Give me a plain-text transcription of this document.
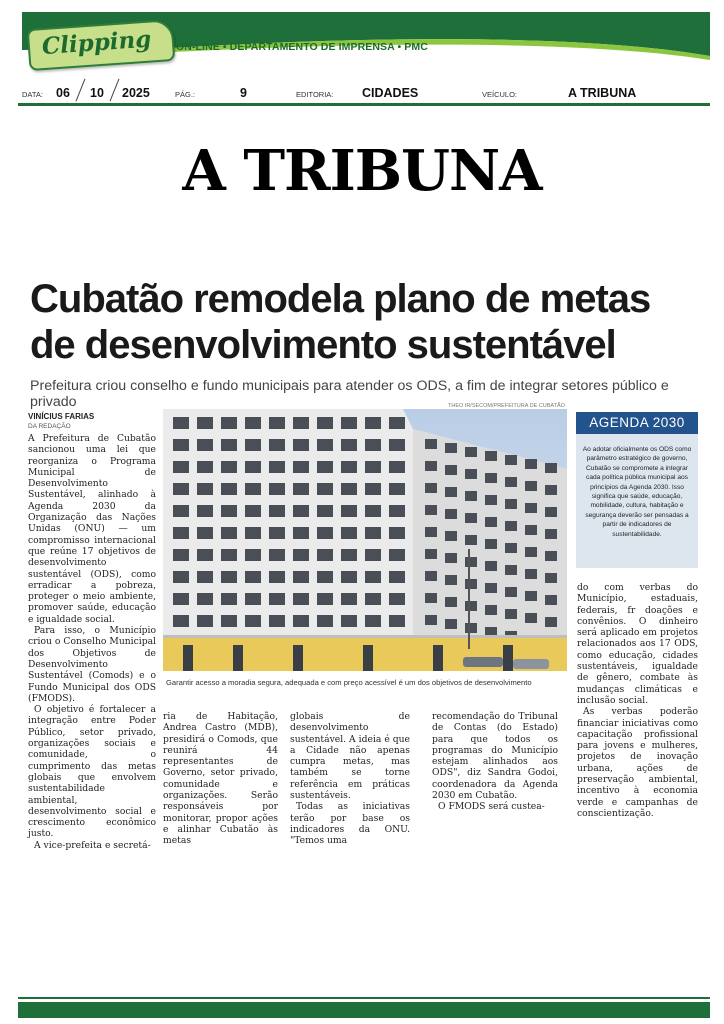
Clipping	ON-LINE • DEPARTAMENTO DE IMPRENSA • PMC
DATA: 06 10 2025	PÁG.:	9	EDITORIA: CIDADES	VEÍCULO:	A TRIBUNA
A TRIBUNA
Cubatão remodela plano de metas
de desenvolvimento sustentável
Prefeitura criou conselho e fundo municipais para atender os ODS, a fim de integrar setores público e privado
VINÍCIUS FARIAS
DA REDAÇÃO
THEO IR/SECOM/PREFEITURA DE CUBATÃO

A Prefeitura de Cubatão sancionou uma lei que reorganiza o Programa Municipal de Desenvolvimento Sustentável, alinhado à Agenda 2030 da Organização das Nações Unidas (ONU) — um compromisso internacional que reúne 17 objetivos de desenvolvimento sustentável (ODS), como erradicar a pobreza, proteger o meio ambiente, promover saúde, educação e igualdade social.

Para isso, o Município criou o Conselho Municipal dos Objetivos de Desenvolvimento Sustentável (Comods) e o Fundo Municipal dos ODS (FMODS).

O objetivo é fortalecer a integração entre Poder Público, setor privado, organizações sociais e comunidade, o cumprimento das metas globais que envolvem sustentabilidade ambiental, desenvolvimento social e crescimento econômico justo.

A vice-prefeita e secretá-

Garantir acesso a moradia segura, adequada e com preço acessível é um dos objetivos de desenvolvimento
AGENDA 2030
Ao adotar oficialmente os ODS como parâmetro estratégico de governo, Cubatão se compromete a integrar cada política pública municipal aos princípios da Agenda 2030. Isso significa que saúde, educação, mobilidade, cultura, habitação e segurança deverão ser pensadas a partir de indicadores de sustentabilidade.

ria de Habitação, Andrea Castro (MDB), presidirá o Comods, que reunirá 44 representantes de Governo, setor privado, comunidade e organizações. Serão responsáveis por monitorar, propor ações e alinhar Cubatão às metas

globais de desenvolvimento sustentável. A ideia é que a Cidade não apenas cumpra metas, mas também se torne referência em práticas sustentáveis.

Todas as iniciativas terão por base os indicadores da ONU. "Temos uma

recomendação do Tribunal de Contas (do Estado) para que todos os programas do Município estejam alinhados aos ODS", diz Sandra Godoi, coordenadora da Agenda 2030 em Cubatão.

O FMODS será custea-

do com verbas do Município, estaduais, federais, fr doações e convênios. O dinheiro será aplicado em projetos relacionados aos 17 ODS, como educação, cidades sustentáveis, igualdade de gênero, combate às mudanças climáticas e inclusão social.

As verbas poderão financiar iniciativas como capacitação profissional para jovens e mulheres, projetos de inovação urbana, ações de preservação ambiental, incentivo à economia verde e campanhas de conscientização.
